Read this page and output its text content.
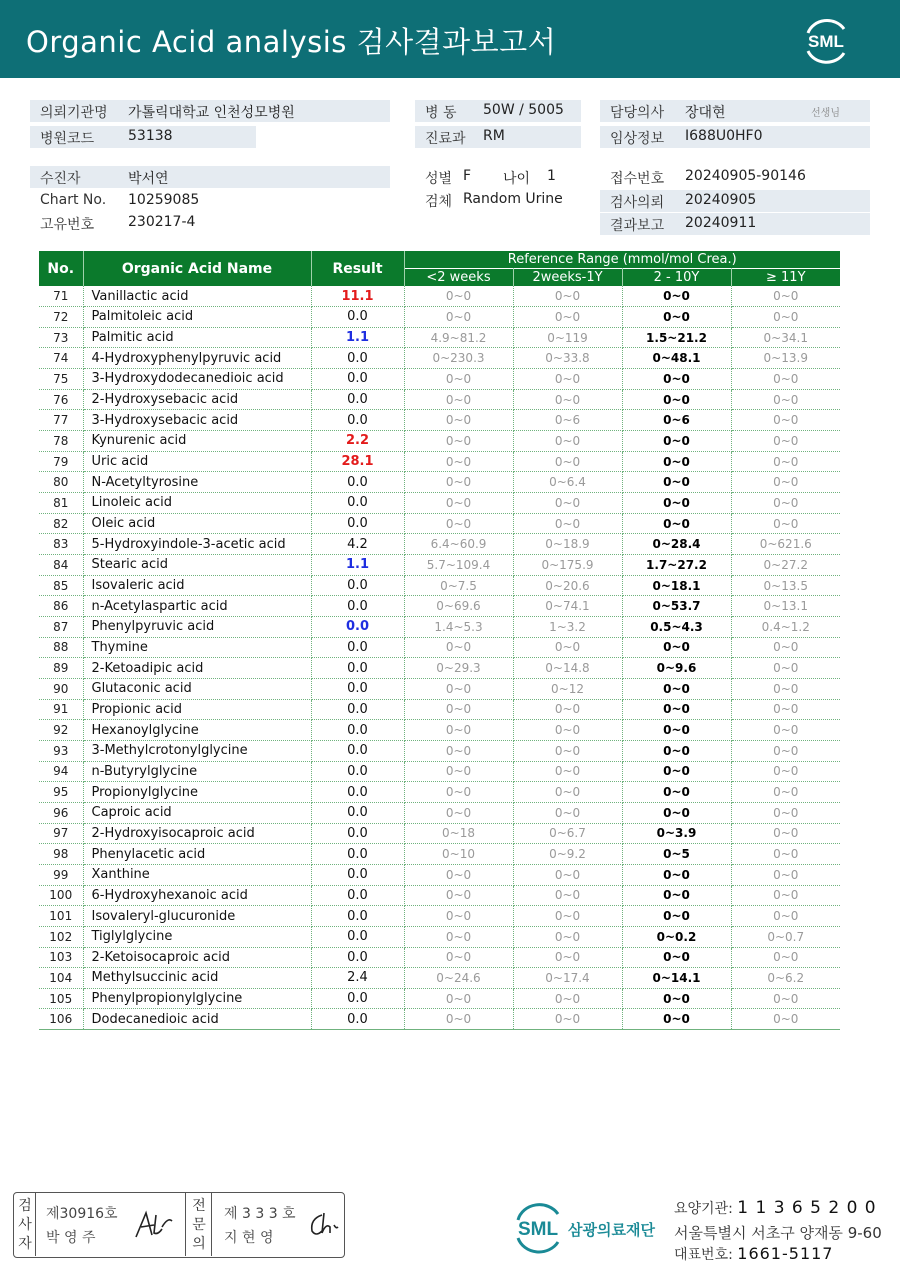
Organic Acid analysis 검사결과보고서	SML
의뢰기관명 가톨릭대학교 인천성모병원
병원코드 53138
병 동 50W / 5005
진료과 RM
담당의사 장대현	선생님
임상정보 I688U0HF0
수진자	박서연
Chart No. 10259085
고유번호 230217-4
성별 F 나이 1
검체 Random Urine
접수번호 20240905-90146
검사의뢰 20240905
결과보고 20240911
No.	Organic Acid Name	Result	Reference Range (mmol/mol Crea.)			
			<2 weeks	2weeks-1Y	2 - 10Y	≥ 11Y
71	Vanillactic acid	11.1	0~0	0~0	0~0	0~0
72	Palmitoleic acid	0.0	0~0	0~0	0~0	0~0
73	Palmitic acid	1.1	4.9~81.2	0~119	1.5~21.2	0~34.1
74	4-Hydroxyphenylpyruvic acid	0.0	0~230.3	0~33.8	0~48.1	0~13.9
75	3-Hydroxydodecanedioic acid	0.0	0~0	0~0	0~0	0~0
76	2-Hydroxysebacic acid	0.0	0~0	0~0	0~0	0~0
77	3-Hydroxysebacic acid	0.0	0~0	0~6	0~6	0~0
78	Kynurenic acid	2.2	0~0	0~0	0~0	0~0
79	Uric acid	28.1	0~0	0~0	0~0	0~0
80	N-Acetyltyrosine	0.0	0~0	0~6.4	0~0	0~0
81	Linoleic acid	0.0	0~0	0~0	0~0	0~0
82	Oleic acid	0.0	0~0	0~0	0~0	0~0
83	5-Hydroxyindole-3-acetic acid	4.2	6.4~60.9	0~18.9	0~28.4	0~621.6
84	Stearic acid	1.1	5.7~109.4	0~175.9	1.7~27.2	0~27.2
85	Isovaleric acid	0.0	0~7.5	0~20.6	0~18.1	0~13.5
86	n-Acetylaspartic acid	0.0	0~69.6	0~74.1	0~53.7	0~13.1
87	Phenylpyruvic acid	0.0	1.4~5.3	1~3.2	0.5~4.3	0.4~1.2
88	Thymine	0.0	0~0	0~0	0~0	0~0
89	2-Ketoadipic acid	0.0	0~29.3	0~14.8	0~9.6	0~0
90	Glutaconic acid	0.0	0~0	0~12	0~0	0~0
91	Propionic acid	0.0	0~0	0~0	0~0	0~0
92	Hexanoylglycine	0.0	0~0	0~0	0~0	0~0
93	3-Methylcrotonylglycine	0.0	0~0	0~0	0~0	0~0
94	n-Butyrylglycine	0.0	0~0	0~0	0~0	0~0
95	Propionylglycine	0.0	0~0	0~0	0~0	0~0
96	Caproic acid	0.0	0~0	0~0	0~0	0~0
97	2-Hydroxyisocaproic acid	0.0	0~18	0~6.7	0~3.9	0~0
98	Phenylacetic acid	0.0	0~10	0~9.2	0~5	0~0
99	Xanthine	0.0	0~0	0~0	0~0	0~0
100	6-Hydroxyhexanoic acid	0.0	0~0	0~0	0~0	0~0
101	Isovaleryl-glucuronide	0.0	0~0	0~0	0~0	0~0
102	Tiglylglycine	0.0	0~0	0~0	0~0.2	0~0.7
103	2-Ketoisocaproic acid	0.0	0~0	0~0	0~0	0~0
104	Methylsuccinic acid	2.4	0~24.6	0~17.4	0~14.1	0~6.2
105	Phenylpropionylglycine	0.0	0~0	0~0	0~0	0~0
106	Dodecanedioic acid	0.0	0~0	0~0	0~0	0~0
검
사
자
제30916호
박 영 주
전
문
의
제 3 3 3 호
지 현 영	SML 삼광의료재단
요양기관: 1 1 3 6 5 2 0 0
서울특별시 서초구 양재동 9-60
대표번호: 1661-5117
